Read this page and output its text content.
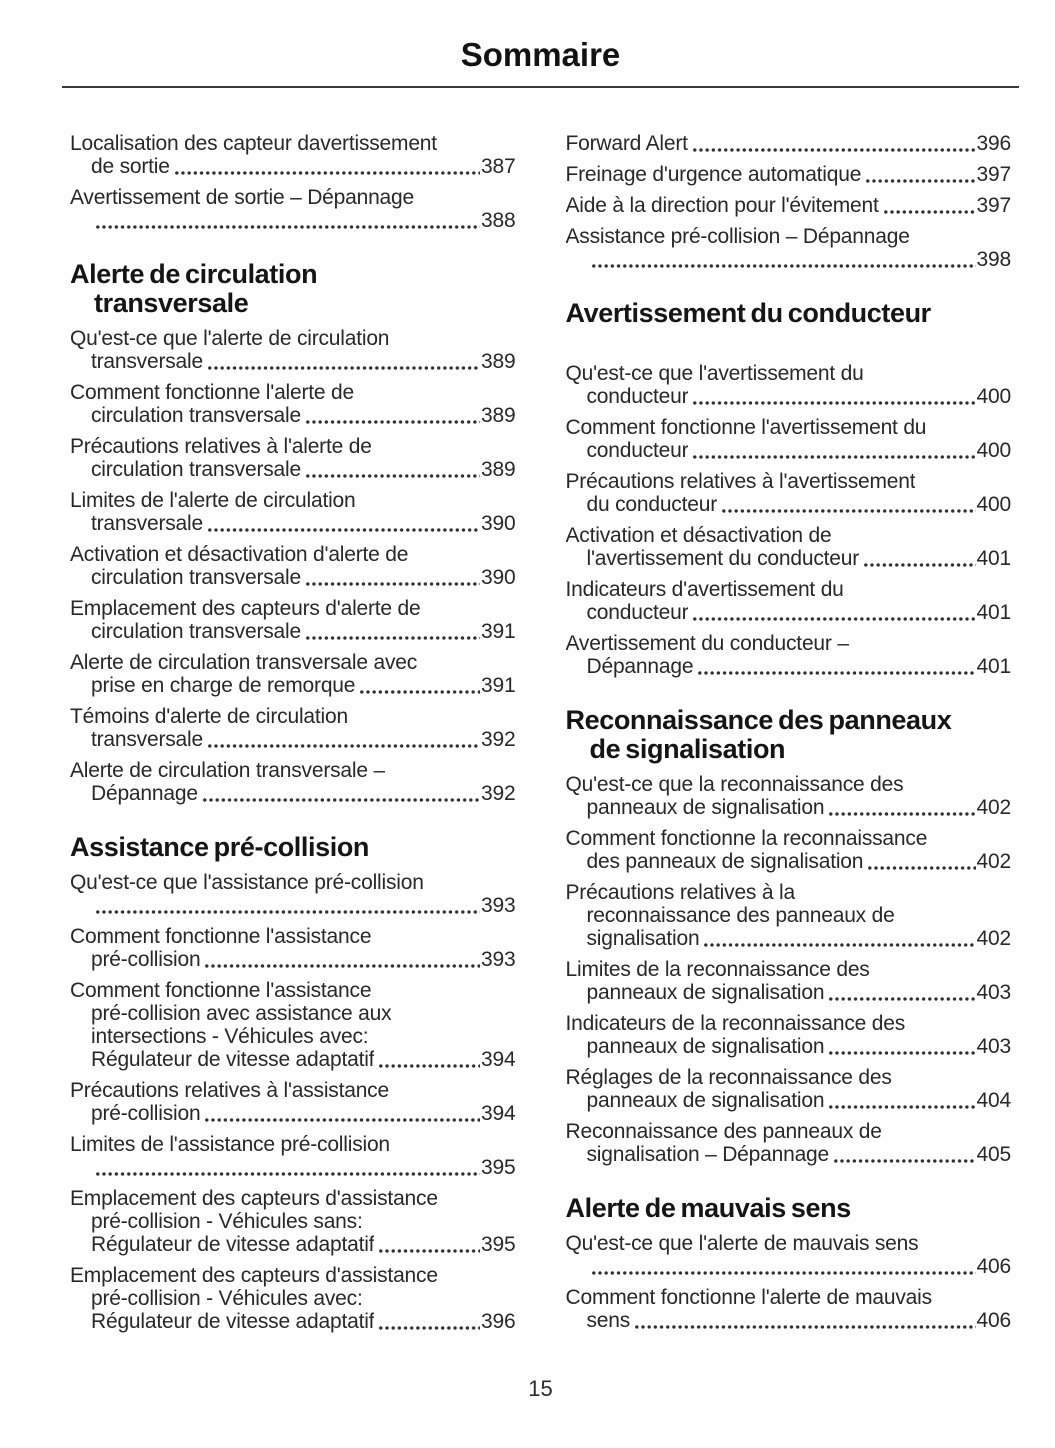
Sommaire
Localisation des capteur davertissement
de sortie	387
Avertissement de sortie – Dépannage
388
Alerte de circulation
transversale
Qu'est-ce que l'alerte de circulation
transversale	389
Comment fonctionne l'alerte de
circulation transversale	389
Précautions relatives à l'alerte de
circulation transversale	389
Limites de l'alerte de circulation
transversale	390
Activation et désactivation d'alerte de
circulation transversale	390
Emplacement des capteurs d'alerte de
circulation transversale	391
Alerte de circulation transversale avec
prise en charge de remorque	391
Témoins d'alerte de circulation
transversale	392
Alerte de circulation transversale –
Dépannage	392
Assistance pré-collision
Qu'est-ce que l'assistance pré-collision
393
Comment fonctionne l'assistance
pré-collision	393
Comment fonctionne l'assistance
pré-collision avec assistance aux
intersections - Véhicules avec:
Régulateur de vitesse adaptatif	394
Précautions relatives à l'assistance
pré-collision	394
Limites de l'assistance pré-collision
395
Emplacement des capteurs d'assistance
pré-collision - Véhicules sans:
Régulateur de vitesse adaptatif	395
Emplacement des capteurs d'assistance
pré-collision - Véhicules avec:
Régulateur de vitesse adaptatif	396
Forward Alert	396
Freinage d'urgence automatique	397
Aide à la direction pour l'évitement	397
Assistance pré-collision – Dépannage
398
Avertissement du conducteur
Qu'est-ce que l'avertissement du
conducteur	400
Comment fonctionne l'avertissement du
conducteur	400
Précautions relatives à l'avertissement
du conducteur	400
Activation et désactivation de
l'avertissement du conducteur	401
Indicateurs d'avertissement du
conducteur	401
Avertissement du conducteur –
Dépannage	401
Reconnaissance des panneaux
de signalisation
Qu'est-ce que la reconnaissance des
panneaux de signalisation	402
Comment fonctionne la reconnaissance
des panneaux de signalisation	402
Précautions relatives à la
reconnaissance des panneaux de
signalisation	402
Limites de la reconnaissance des
panneaux de signalisation	403
Indicateurs de la reconnaissance des
panneaux de signalisation	403
Réglages de la reconnaissance des
panneaux de signalisation	404
Reconnaissance des panneaux de
signalisation – Dépannage	405
Alerte de mauvais sens
Qu'est-ce que l'alerte de mauvais sens
406
Comment fonctionne l'alerte de mauvais
sens	406
15
